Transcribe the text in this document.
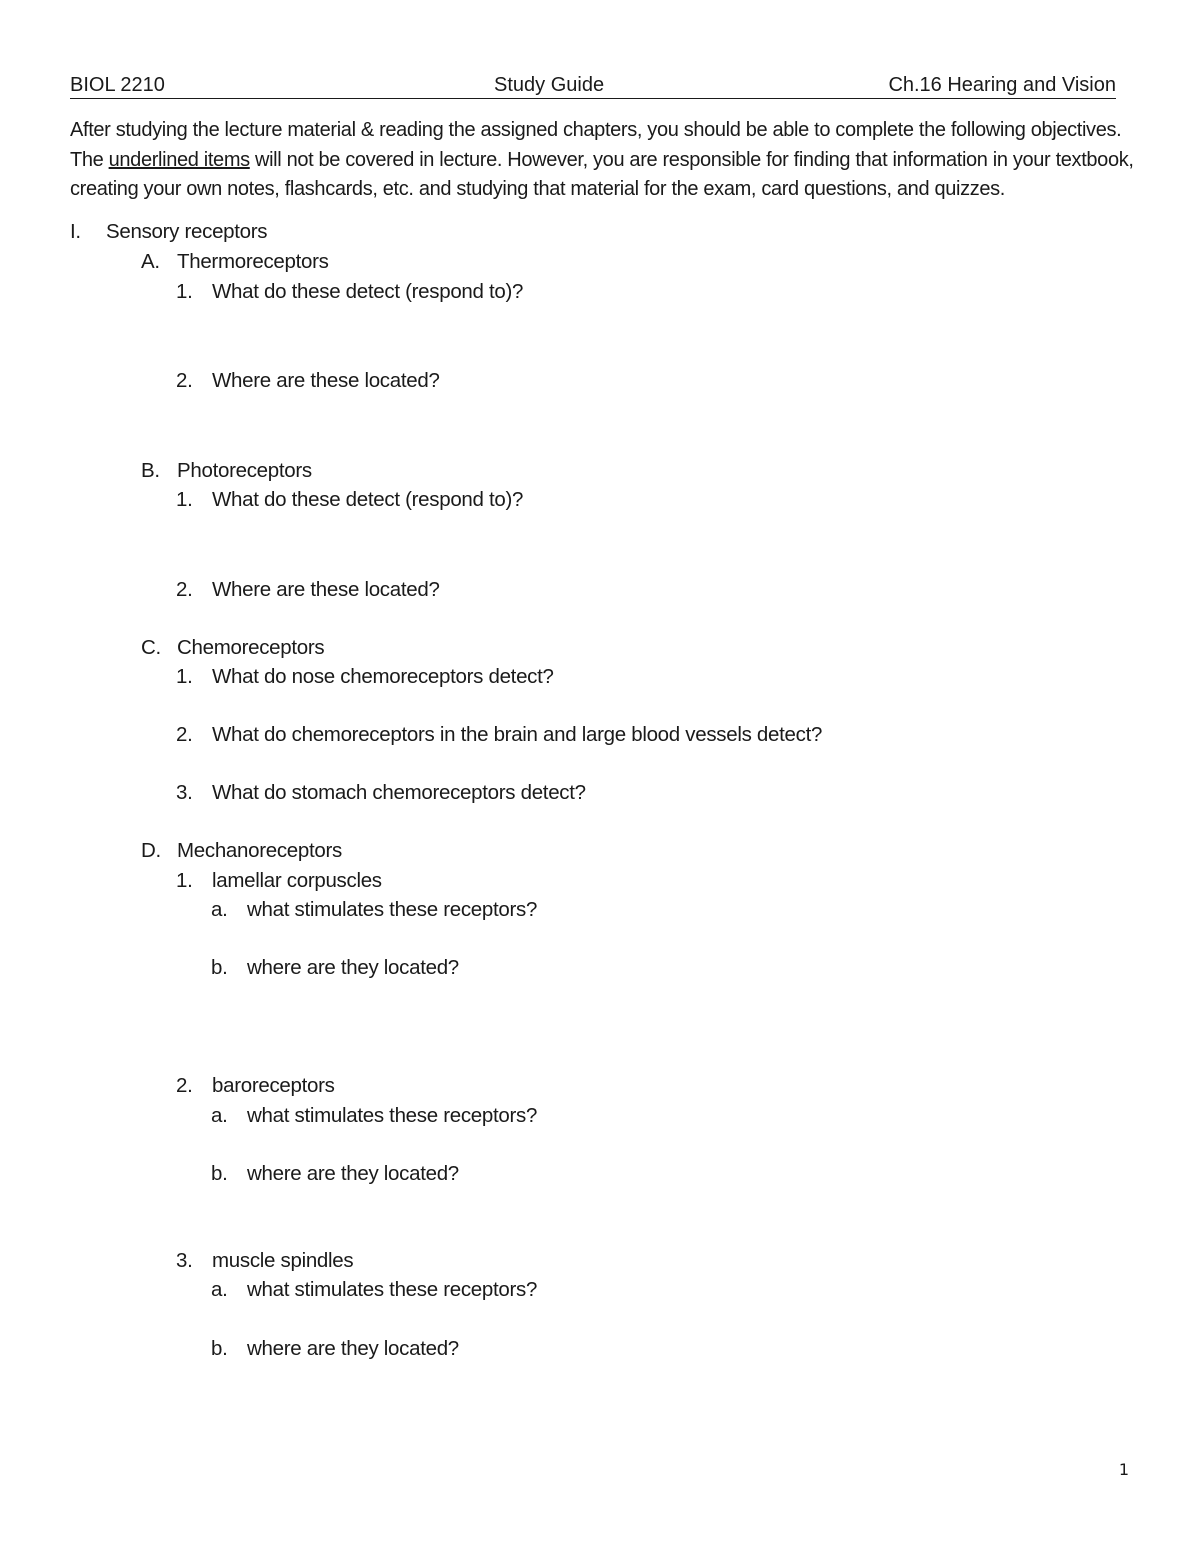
BIOL 2210	Study Guide	Ch.16 Hearing and Vision

After studying the lecture material & reading the assigned chapters, you should be able to complete the following objectives. The underlined items will not be covered in lecture. However, you are responsible for finding that information in your textbook, creating your own notes, flashcards, etc. and studying that material for the exam, card questions, and quizzes.

I. Sensory receptors
A. Thermoreceptors
1. What do these detect (respond to)?
2. Where are these located?
B. Photoreceptors
1. What do these detect (respond to)?
2. Where are these located?
C. Chemoreceptors
1. What do nose chemoreceptors detect?
2. What do chemoreceptors in the brain and large blood vessels detect?
3. What do stomach chemoreceptors detect?
D. Mechanoreceptors
1. lamellar corpuscles
a. what stimulates these receptors?
b. where are they located?
2. baroreceptors
a. what stimulates these receptors?
b. where are they located?
3. muscle spindles
a. what stimulates these receptors?
b. where are they located?
1
